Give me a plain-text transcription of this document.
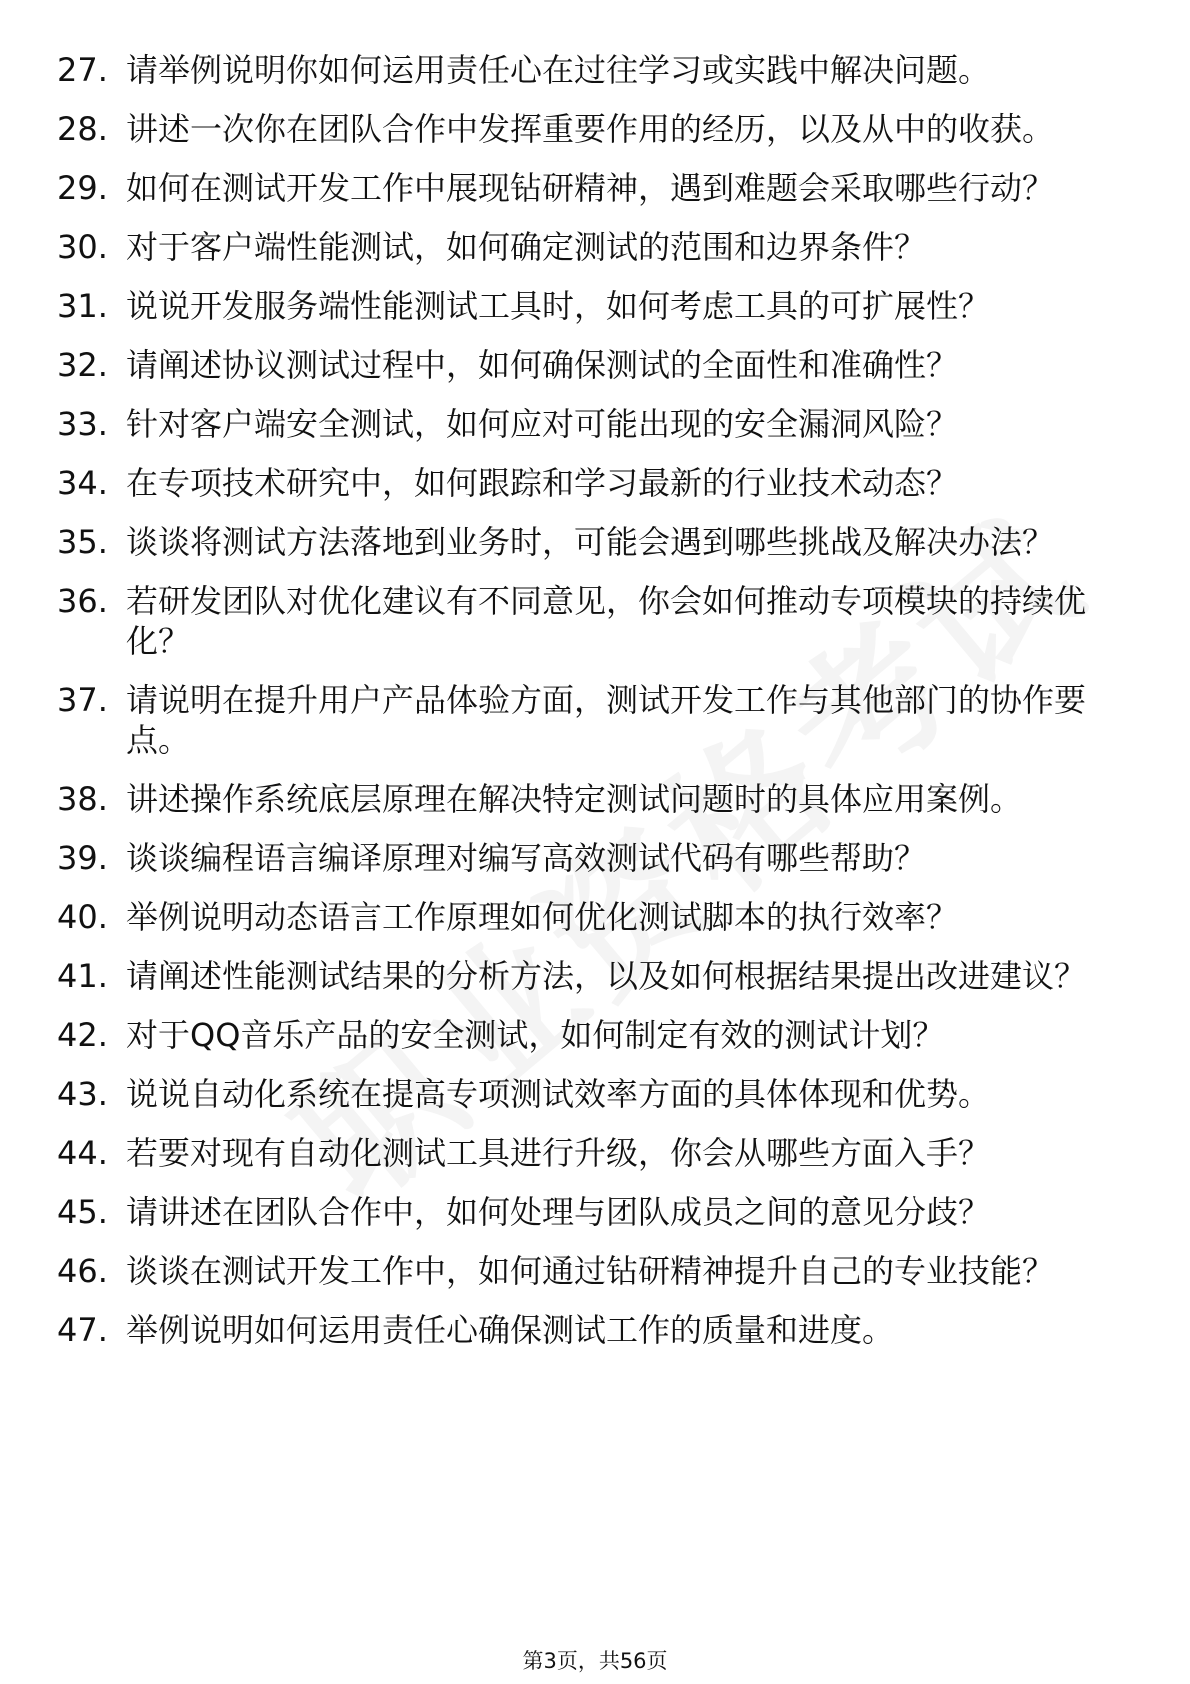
27. 请举例说明你如何运用责任心在过往学习或实践中解决问题。
28. 讲述一次你在团队合作中发挥重要作用的经历，以及从中的收获。
29. 如何在测试开发工作中展现钻研精神，遇到难题会采取哪些行动？
30. 对于客户端性能测试，如何确定测试的范围和边界条件？
31. 说说开发服务端性能测试工具时，如何考虑工具的可扩展性？
32. 请阐述协议测试过程中，如何确保测试的全面性和准确性？
33. 针对客户端安全测试，如何应对可能出现的安全漏洞风险？
34. 在专项技术研究中，如何跟踪和学习最新的行业技术动态？
35. 谈谈将测试方法落地到业务时，可能会遇到哪些挑战及解决办法？
36. 若研发团队对优化建议有不同意见，你会如何推动专项模块的持续优化？
37. 请说明在提升用户产品体验方面，测试开发工作与其他部门的协作要点。
38. 讲述操作系统底层原理在解决特定测试问题时的具体应用案例。
39. 谈谈编程语言编译原理对编写高效测试代码有哪些帮助？
40. 举例说明动态语言工作原理如何优化测试脚本的执行效率？
41. 请阐述性能测试结果的分析方法，以及如何根据结果提出改进建议？
42. 对于QQ音乐产品的安全测试，如何制定有效的测试计划？
43. 说说自动化系统在提高专项测试效率方面的具体体现和优势。
44. 若要对现有自动化测试工具进行升级，你会从哪些方面入手？
45. 请讲述在团队合作中，如何处理与团队成员之间的意见分歧？
46. 谈谈在测试开发工作中，如何通过钻研精神提升自己的专业技能？
47. 举例说明如何运用责任心确保测试工作的质量和进度。
第3页，共56页
